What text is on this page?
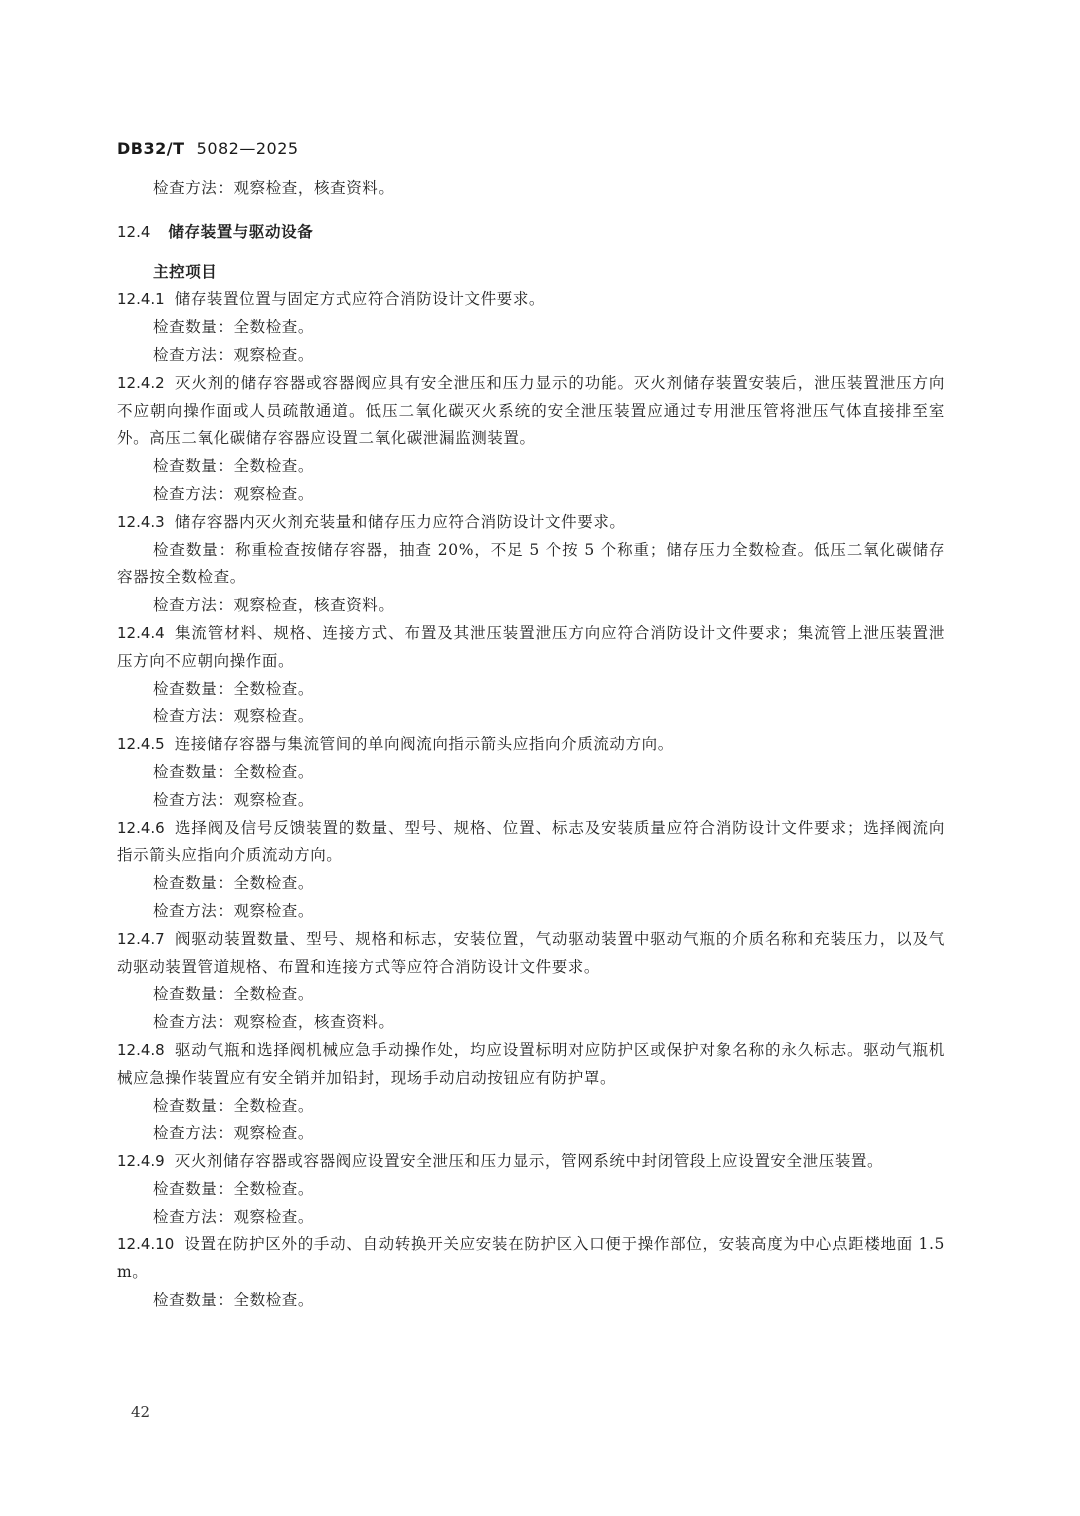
DB32/T 5082—2025

检查方法：观察检查，核查资料。

12.4 储存装置与驱动设备

主控项目

12.4.1 储存装置位置与固定方式应符合消防设计文件要求。

检查数量：全数检查。

检查方法：观察检查。

12.4.2 灭火剂的储存容器或容器阀应具有安全泄压和压力显示的功能。灭火剂储存装置安装后，泄压装置泄压方向不应朝向操作面或人员疏散通道。低压二氧化碳灭火系统的安全泄压装置应通过专用泄压管将泄压气体直接排至室外。高压二氧化碳储存容器应设置二氧化碳泄漏监测装置。

检查数量：全数检查。

检查方法：观察检查。

12.4.3 储存容器内灭火剂充装量和储存压力应符合消防设计文件要求。

检查数量：称重检查按储存容器，抽查 20%，不足 5 个按 5 个称重；储存压力全数检查。低压二氧化碳储存容器按全数检查。

检查方法：观察检查，核查资料。

12.4.4 集流管材料、规格、连接方式、布置及其泄压装置泄压方向应符合消防设计文件要求；集流管上泄压装置泄压方向不应朝向操作面。

检查数量：全数检查。

检查方法：观察检查。

12.4.5 连接储存容器与集流管间的单向阀流向指示箭头应指向介质流动方向。

检查数量：全数检查。

检查方法：观察检查。

12.4.6 选择阀及信号反馈装置的数量、型号、规格、位置、标志及安装质量应符合消防设计文件要求；选择阀流向指示箭头应指向介质流动方向。

检查数量：全数检查。

检查方法：观察检查。

12.4.7 阀驱动装置数量、型号、规格和标志，安装位置，气动驱动装置中驱动气瓶的介质名称和充装压力，以及气动驱动装置管道规格、布置和连接方式等应符合消防设计文件要求。

检查数量：全数检查。

检查方法：观察检查，核查资料。

12.4.8 驱动气瓶和选择阀机械应急手动操作处，均应设置标明对应防护区或保护对象名称的永久标志。驱动气瓶机械应急操作装置应有安全销并加铅封，现场手动启动按钮应有防护罩。

检查数量：全数检查。

检查方法：观察检查。

12.4.9 灭火剂储存容器或容器阀应设置安全泄压和压力显示，管网系统中封闭管段上应设置安全泄压装置。

检查数量：全数检查。

检查方法：观察检查。

12.4.10 设置在防护区外的手动、自动转换开关应安装在防护区入口便于操作部位，安装高度为中心点距楼地面 1.5 m。

检查数量：全数检查。

42
